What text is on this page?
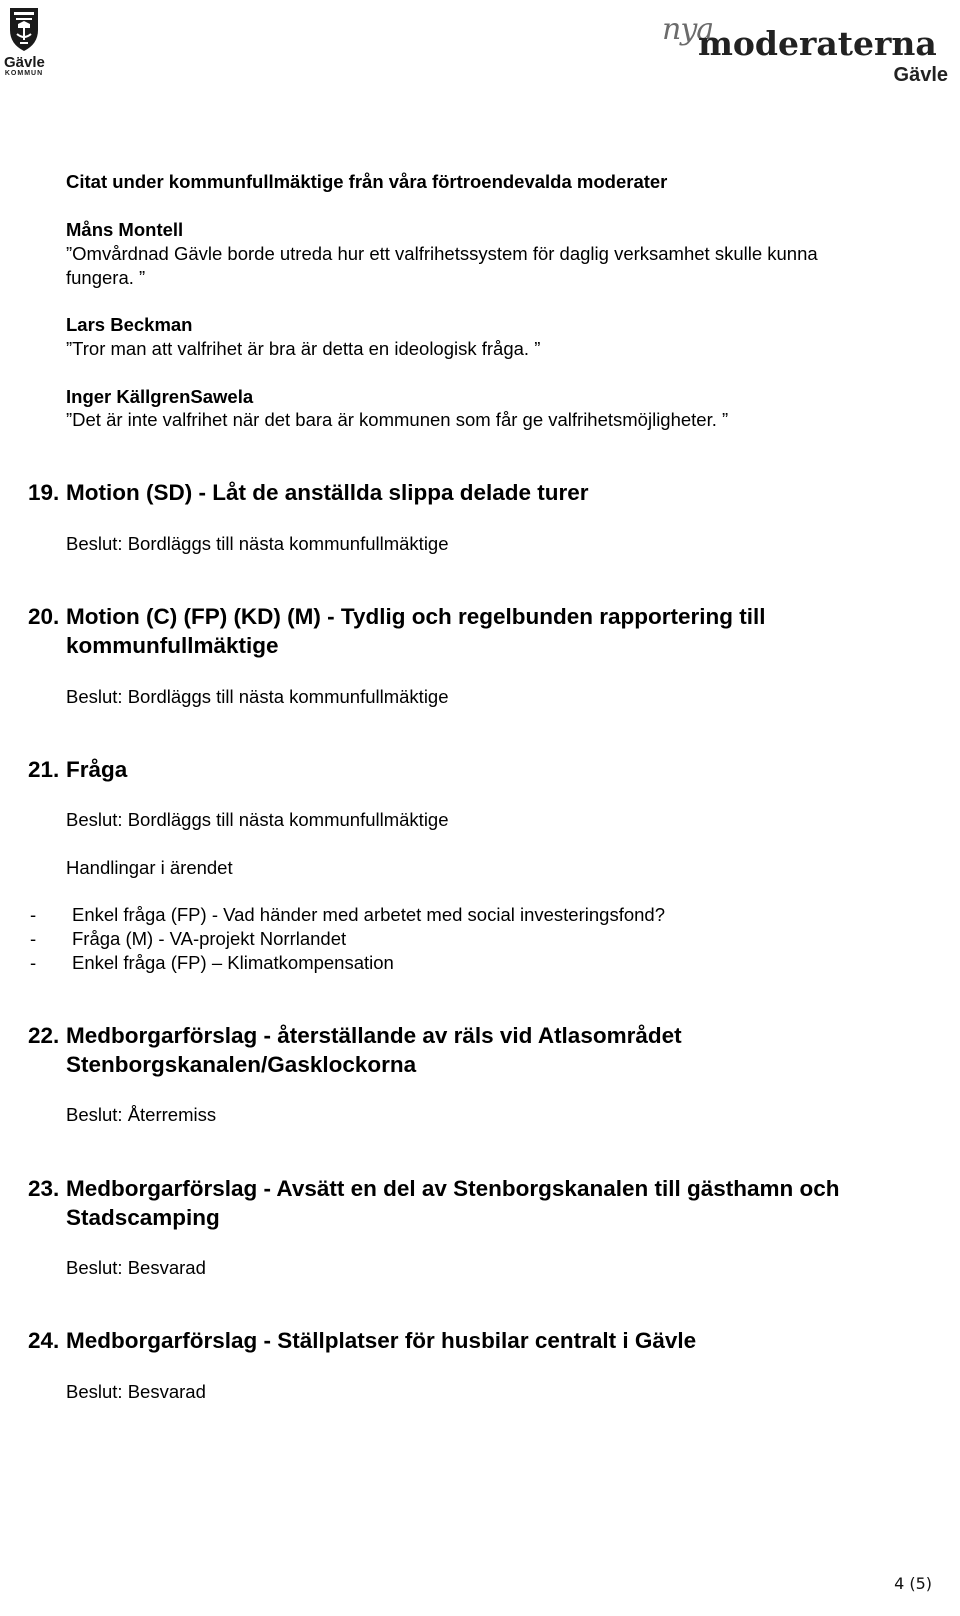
Gävle
KOMMUN
nya
moderaterna
Gävle
Citat under kommunfullmäktige från våra förtroendevalda moderater
Måns Montell
”Omvårdnad Gävle borde utreda hur ett valfrihetssystem för daglig verksamhet skulle kunna
fungera. ”
Lars Beckman
”Tror man att valfrihet är bra är detta en ideologisk fråga. ”
Inger KällgrenSawela
”Det är inte valfrihet när det bara är kommunen som får ge valfrihetsmöjligheter. ”
19. Motion (SD) - Låt de anställda slippa delade turer
Beslut: Bordläggs till nästa kommunfullmäktige
20. Motion (C) (FP) (KD) (M) - Tydlig och regelbunden rapportering till
kommunfullmäktige
Beslut: Bordläggs till nästa kommunfullmäktige
21. Fråga
Beslut: Bordläggs till nästa kommunfullmäktige
Handlingar i ärendet
- Enkel fråga (FP) - Vad händer med arbetet med social investeringsfond?
- Fråga (M) - VA-projekt Norrlandet
- Enkel fråga (FP) – Klimatkompensation
22. Medborgarförslag - återställande av räls vid Atlasområdet
Stenborgskanalen/Gasklockorna
Beslut: Återremiss
23. Medborgarförslag - Avsätt en del av Stenborgskanalen till gästhamn och
Stadscamping
Beslut: Besvarad
24. Medborgarförslag - Ställplatser för husbilar centralt i Gävle
Beslut: Besvarad
4 (5)
